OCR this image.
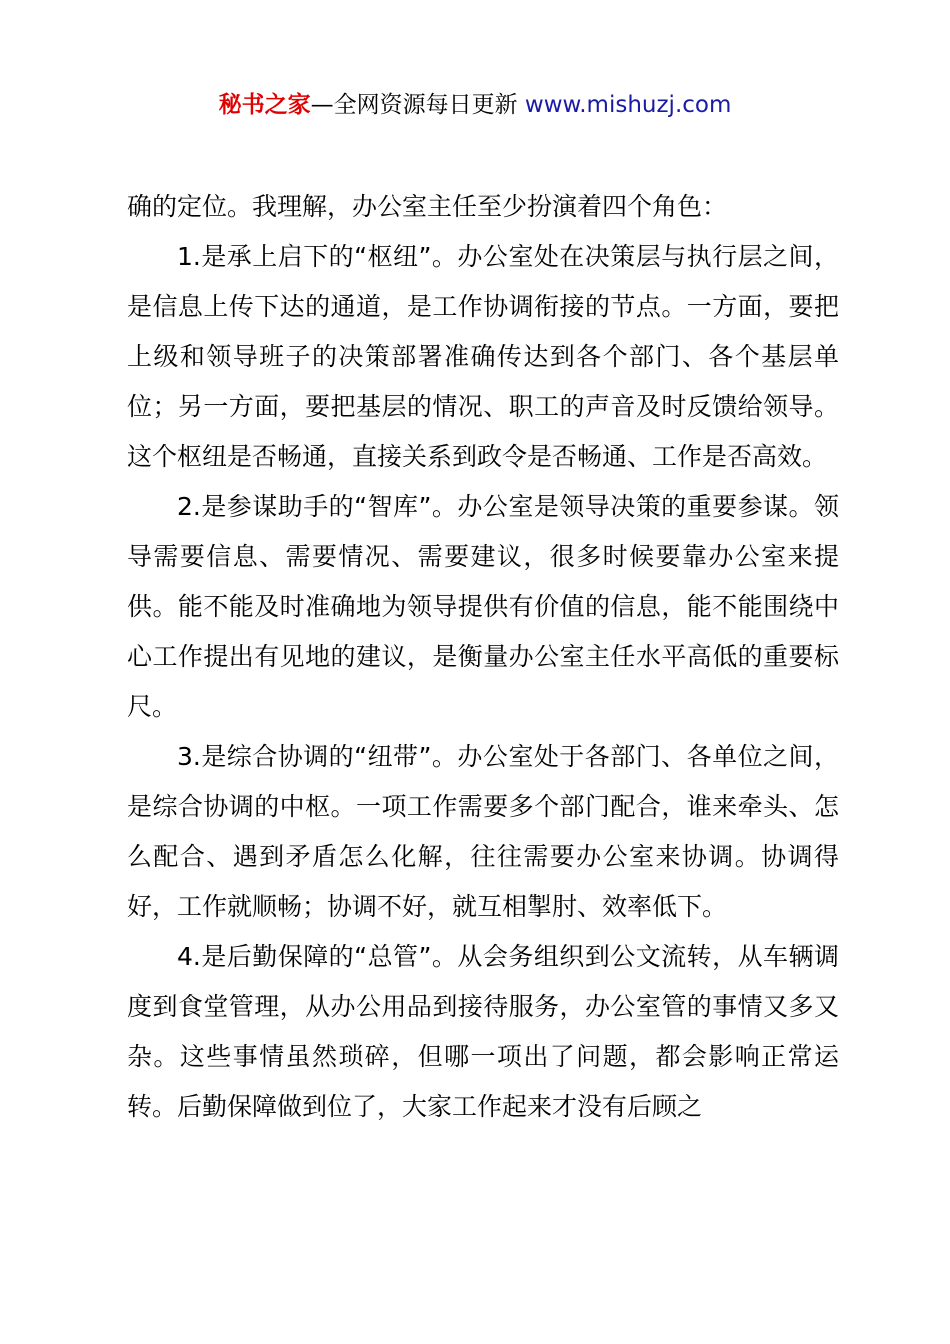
秘书之家—全网资源每日更新 www.mishuzj.com

确的定位。我理解，办公室主任至少扮演着四个角色：

1.是承上启下的“枢纽”。办公室处在决策层与执行层之间，是信息上传下达的通道，是工作协调衔接的节点。一方面，要把上级和领导班子的决策部署准确传达到各个部门、各个基层单位；另一方面，要把基层的情况、职工的声音及时反馈给领导。这个枢纽是否畅通，直接关系到政令是否畅通、工作是否高效。

2.是参谋助手的“智库”。办公室是领导决策的重要参谋。领导需要信息、需要情况、需要建议，很多时候要靠办公室来提供。能不能及时准确地为领导提供有价值的信息，能不能围绕中心工作提出有见地的建议，是衡量办公室主任水平高低的重要标尺。

3.是综合协调的“纽带”。办公室处于各部门、各单位之间，是综合协调的中枢。一项工作需要多个部门配合，谁来牵头、怎么配合、遇到矛盾怎么化解，往往需要办公室来协调。协调得好，工作就顺畅；协调不好，就互相掣肘、效率低下。

4.是后勤保障的“总管”。从会务组织到公文流转，从车辆调度到食堂管理，从办公用品到接待服务，办公室管的事情又多又杂。这些事情虽然琐碎，但哪一项出了问题，都会影响正常运转。后勤保障做到位了，大家工作起来才没有后顾之
